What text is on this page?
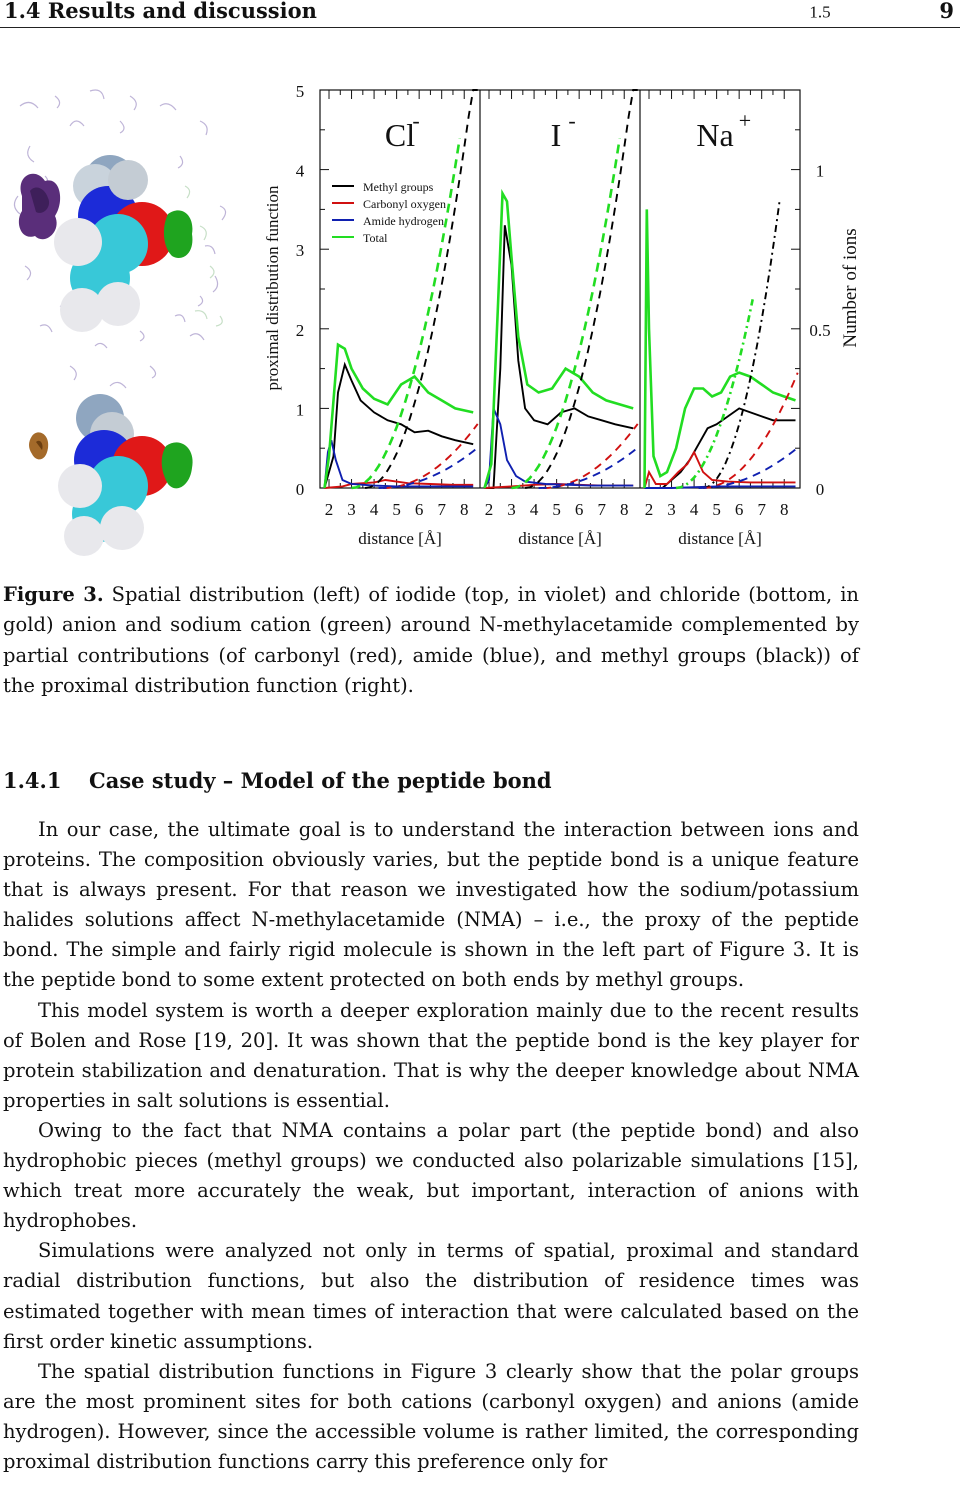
1.4 Results and discussion	9
0
1
2
3
4
5
0
0.5
1
1.5
2 3 4 5 6 7 8
distance [Å]
2 3 4 5 6 7 8
distance [Å]
2 3 4 5 6 7 8
distance [Å]
Cl
-	I -	Na +
proximal distribution function	Number of ions
Methyl groups
Carbonyl oxygen
Amide hydrogen
Total
Figure 3. Spatial distribution (left) of iodide (top, in violet) and chloride (bottom, in gold) anion and sodium cation (green) around N-methylacetamide complemented by partial contributions (of carbonyl (red), amide (blue), and methyl groups (black)) of the proximal distribution function (right).
1.4.1 Case study – Model of the peptide bond

In our case, the ultimate goal is to understand the interaction between ions and proteins. The composition obviously varies, but the peptide bond is a unique feature that is always present. For that reason we investigated how the sodium/potassium halides solutions affect N-methylacetamide (NMA) – i.e., the proxy of the peptide bond. The simple and fairly rigid molecule is shown in the left part of Figure 3. It is the peptide bond to some extent protected on both ends by methyl groups.

This model system is worth a deeper exploration mainly due to the recent results of Bolen and Rose [19, 20]. It was shown that the peptide bond is the key player for protein stabilization and denaturation. That is why the deeper knowledge about NMA properties in salt solutions is essential.

Owing to the fact that NMA contains a polar part (the peptide bond) and also hydrophobic pieces (methyl groups) we conducted also polarizable simulations [15], which treat more accurately the weak, but important, interaction of anions with hydrophobes.

Simulations were analyzed not only in terms of spatial, proximal and standard radial distribution functions, but also the distribution of residence times was estimated together with mean times of interaction that were calculated based on the first order kinetic assumptions.

The spatial distribution functions in Figure 3 clearly show that the polar groups are the most prominent sites for both cations (carbonyl oxygen) and anions (amide hydrogen). However, since the accessible volume is rather limited, the corresponding proximal distribution functions carry this preference only for
